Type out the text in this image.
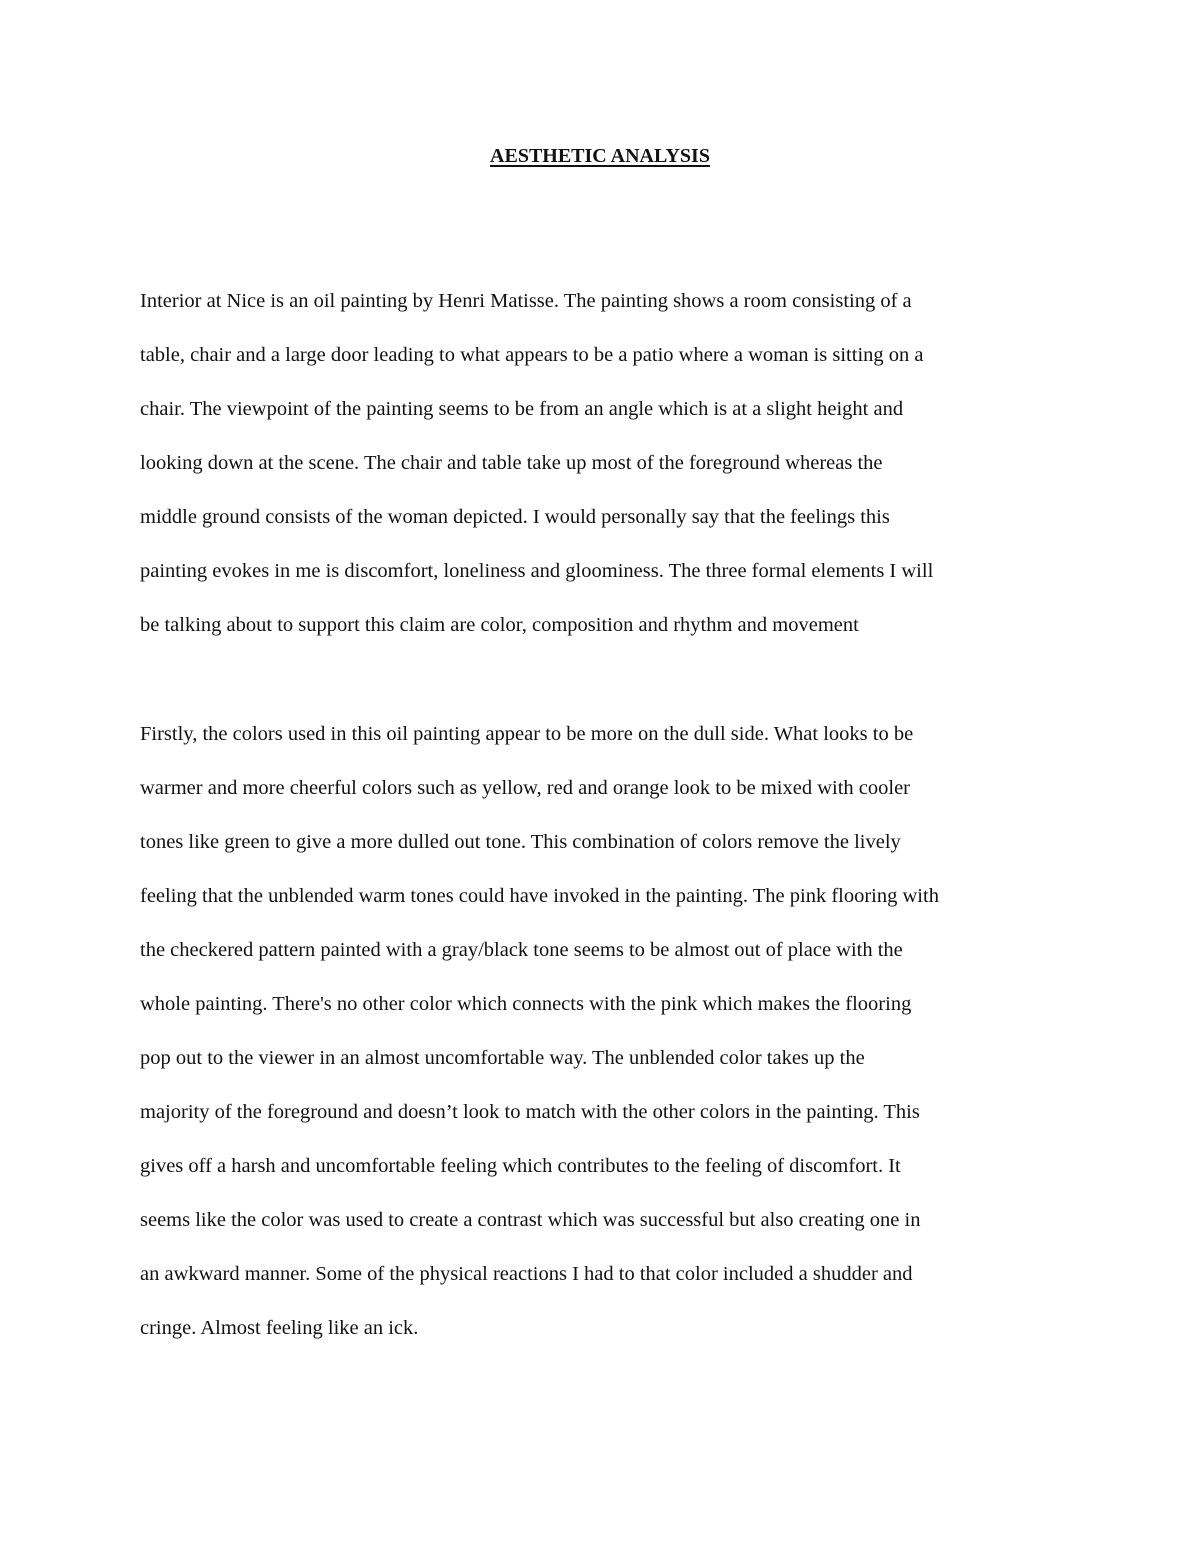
AESTHETIC ANALYSIS

Interior at Nice is an oil painting by Henri Matisse. The painting shows a room consisting of a
table, chair and a large door leading to what appears to be a patio where a woman is sitting on a
chair. The viewpoint of the painting seems to be from an angle which is at a slight height and
looking down at the scene. The chair and table take up most of the foreground whereas the
middle ground consists of the woman depicted. I would personally say that the feelings this
painting evokes in me is discomfort, loneliness and gloominess. The three formal elements I will
be talking about to support this claim are color, composition and rhythm and movement

Firstly, the colors used in this oil painting appear to be more on the dull side. What looks to be
warmer and more cheerful colors such as yellow, red and orange look to be mixed with cooler
tones like green to give a more dulled out tone. This combination of colors remove the lively
feeling that the unblended warm tones could have invoked in the painting. The pink flooring with
the checkered pattern painted with a gray/black tone seems to be almost out of place with the
whole painting. There's no other color which connects with the pink which makes the flooring
pop out to the viewer in an almost uncomfortable way. The unblended color takes up the
majority of the foreground and doesn’t look to match with the other colors in the painting. This
gives off a harsh and uncomfortable feeling which contributes to the feeling of discomfort. It
seems like the color was used to create a contrast which was successful but also creating one in
an awkward manner. Some of the physical reactions I had to that color included a shudder and
cringe. Almost feeling like an ick.
